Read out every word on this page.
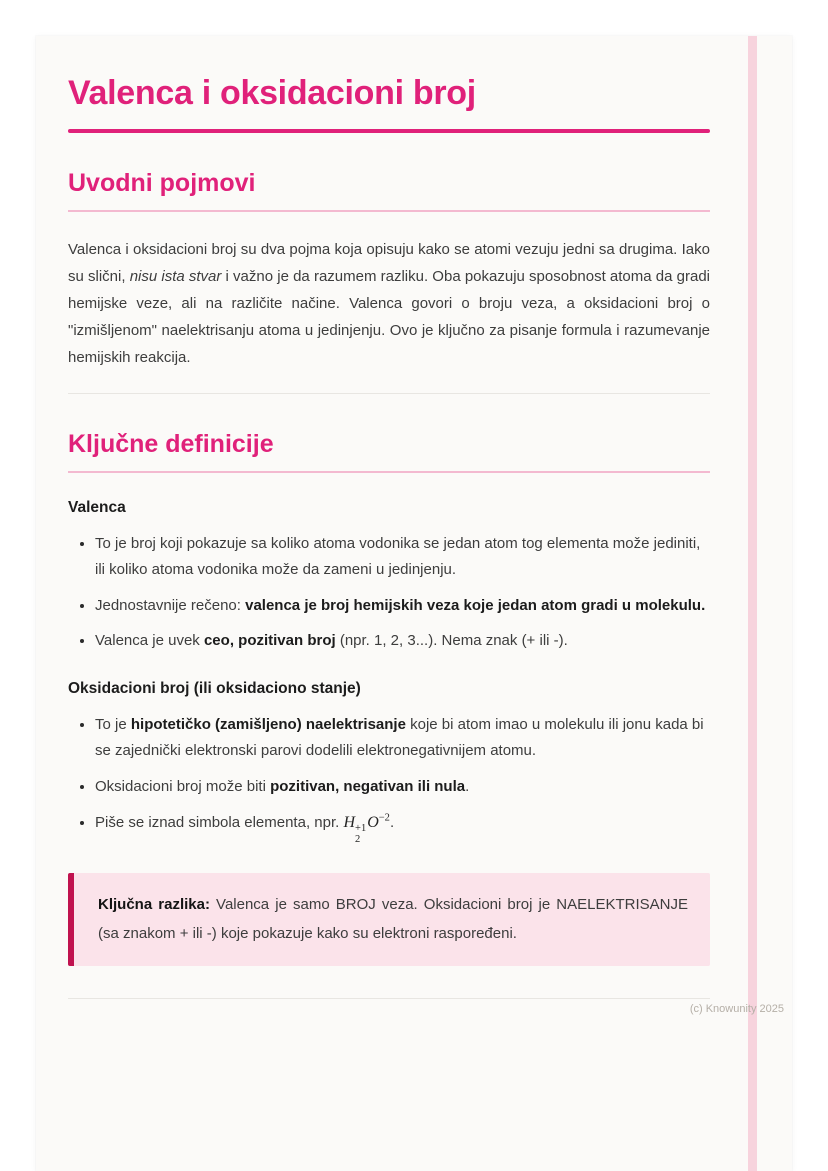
Valenca i oksidacioni broj
Uvodni pojmovi

Valenca i oksidacioni broj su dva pojma koja opisuju kako se atomi vezuju jedni sa drugima. Iako su slični, nisu ista stvar i važno je da razumem razliku. Oba pokazuju sposobnost atoma da gradi hemijske veze, ali na različite načine. Valenca govori o broju veza, a oksidacioni broj o "izmišljenom" naelektrisanju atoma u jedinjenju. Ovo je ključno za pisanje formula i razumevanje hemijskih reakcija.

Ključne definicije
Valenca
• To je broj koji pokazuje sa koliko atoma vodonika se jedan atom tog elementa može jediniti, ili koliko atoma vodonika može da zameni u jedinjenju.
• Jednostavnije rečeno: valenca je broj hemijskih veza koje jedan atom gradi u molekulu.
• Valenca je uvek ceo, pozitivan broj (npr. 1, 2, 3...). Nema znak (+ ili -).
Oksidacioni broj (ili oksidaciono stanje)
• To je hipotetičko (zamišljeno) naelektrisanje koje bi atom imao u molekulu ili jonu kada bi se zajednički elektronski parovi dodelili elektronegativnijem atomu.
• Oksidacioni broj može biti pozitivan, negativan ili nula.
• Piše se iznad simbola elementa, npr. H +1
2
$O^{-2}$.
Ključna razlika: Valenca je samo BROJ veza. Oksidacioni broj je NAELEKTRISANJE (sa znakom + ili -) koje pokazuje kako su elektroni raspoređeni.
(c) Knowunity 2025
